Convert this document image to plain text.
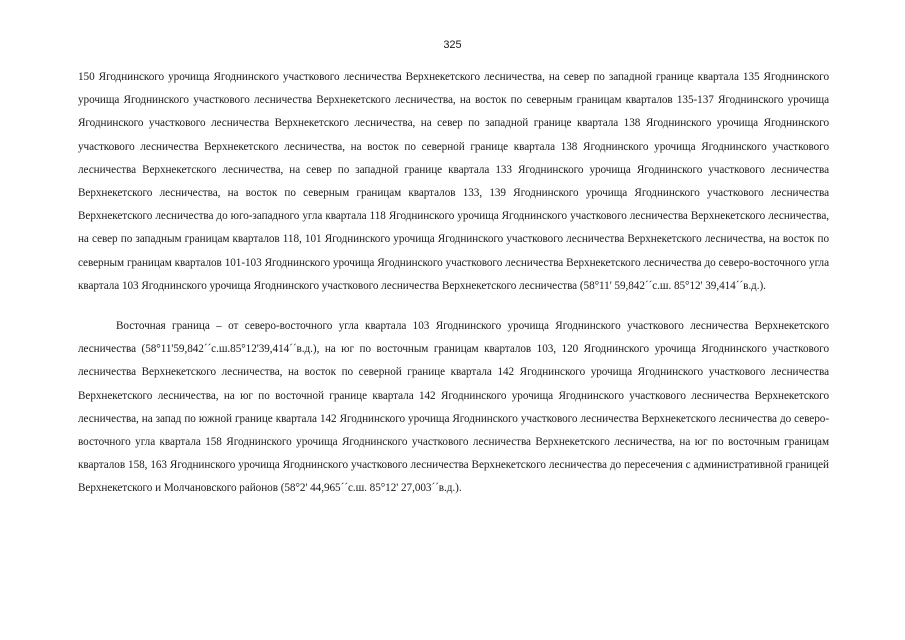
325

150 Ягоднинского урочища Ягоднинского участкового лесничества Верхнекетского лесничества, на север по западной границе квартала 135 Ягоднинского урочища Ягоднинского участкового лесничества Верхнекетского лесничества, на восток по северным границам кварталов 135-137 Ягоднинского урочища Ягоднинского участкового лесничества Верхнекетского лесничества, на север по западной границе квартала 138 Ягоднинского урочища Ягоднинского участкового лесничества Верхнекетского лесничества, на восток по северной границе квартала 138 Ягоднинского урочища Ягоднинского участкового лесничества Верхнекетского лесничества, на север по западной границе квартала 133 Ягоднинского урочища Ягоднинского участкового лесничества Верхнекетского лесничества, на восток по северным границам кварталов 133, 139 Ягоднинского урочища Ягоднинского участкового лесничества Верхнекетского лесничества до юго-западного угла квартала 118 Ягоднинского урочища Ягоднинского участкового лесничества Верхнекетского лесничества, на север по западным границам кварталов 118, 101 Ягоднинского урочища Ягоднинского участкового лесничества Верхнекетского лесничества, на восток по северным границам кварталов 101-103 Ягоднинского урочища Ягоднинского участкового лесничества Верхнекетского лесничества до северо-восточного угла квартала 103 Ягоднинского урочища Ягоднинского участкового лесничества Верхнекетского лесничества (58°11' 59,842´´с.ш. 85°12' 39,414´´в.д.).

Восточная граница – от северо-восточного угла квартала 103 Ягоднинского урочища Ягоднинского участкового лесничества Верхнекетского лесничества (58°11'59,842´´с.ш.85°12'39,414´´в.д.), на юг по восточным границам кварталов 103, 120 Ягоднинского урочища Ягоднинского участкового лесничества Верхнекетского лесничества, на восток по северной границе квартала 142 Ягоднинского урочища Ягоднинского участкового лесничества Верхнекетского лесничества, на юг по восточной границе квартала 142 Ягоднинского урочища Ягоднинского участкового лесничества Верхнекетского лесничества, на запад по южной границе квартала 142 Ягоднинского урочища Ягоднинского участкового лесничества Верхнекетского лесничества до северо-восточного угла квартала 158 Ягоднинского урочища Ягоднинского участкового лесничества Верхнекетского лесничества, на юг по восточным границам кварталов 158, 163 Ягоднинского урочища Ягоднинского участкового лесничества Верхнекетского лесничества до пересечения с административной границей Верхнекетского и Молчановского районов (58°2' 44,965´´с.ш. 85°12' 27,003´´в.д.).
